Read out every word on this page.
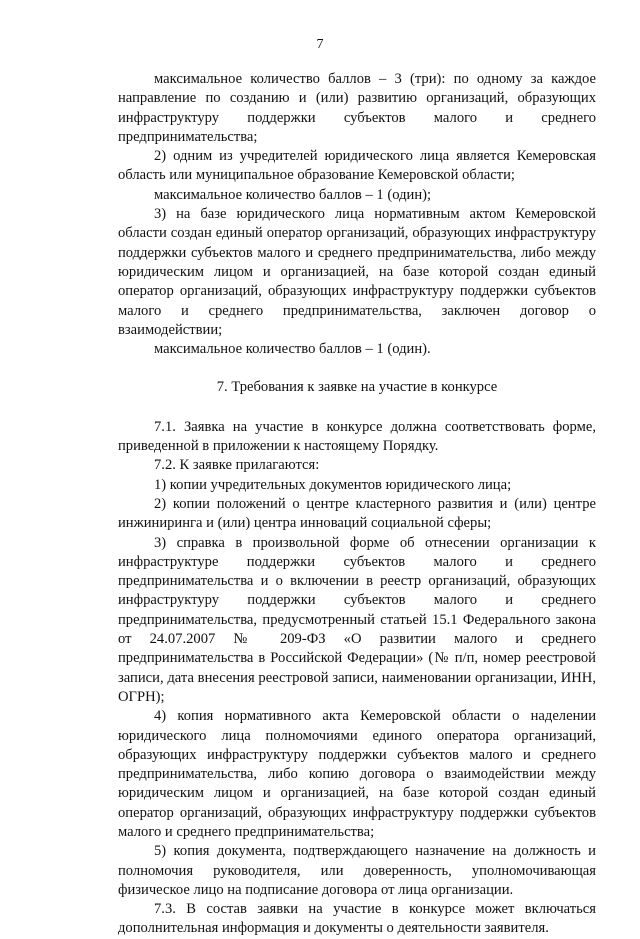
7

максимальное количество баллов – 3 (три): по одному за каждое направление по созданию и (или) развитию организаций, образующих инфраструктуру поддержки субъектов малого и среднего предпринимательства;

2) одним из учредителей юридического лица является Кемеровская область или муниципальное образование Кемеровской области;

максимальное количество баллов – 1 (один);

3) на базе юридического лица нормативным актом Кемеровской области создан единый оператор организаций, образующих инфраструктуру поддержки субъектов малого и среднего предпринимательства, либо между юридическим лицом и организацией, на базе которой создан единый оператор организаций, образующих инфраструктуру поддержки субъектов малого и среднего предпринимательства, заключен договор о взаимодействии;

максимальное количество баллов – 1 (один).

7. Требования к заявке на участие в конкурсе

7.1. Заявка на участие в конкурсе должна соответствовать форме, приведенной в приложении к настоящему Порядку.

7.2. К заявке прилагаются:

1) копии учредительных документов юридического лица;

2) копии положений о центре кластерного развития и (или) центре инжиниринга и (или) центра инноваций социальной сферы;

3) справка в произвольной форме об отнесении организации к инфраструктуре поддержки субъектов малого и среднего предпринимательства и о включении в реестр организаций, образующих инфраструктуру поддержки субъектов малого и среднего предпринимательства, предусмотренный статьей 15.1 Федерального закона от 24.07.2007 № 209-ФЗ «О развитии малого и среднего предпринимательства в Российской Федерации» (№ п/п, номер реестровой записи, дата внесения реестровой записи, наименовании организации, ИНН, ОГРН);

4) копия нормативного акта Кемеровской области о наделении юридического лица полномочиями единого оператора организаций, образующих инфраструктуру поддержки субъектов малого и среднего предпринимательства, либо копию договора о взаимодействии между юридическим лицом и организацией, на базе которой создан единый оператор организаций, образующих инфраструктуру поддержки субъектов малого и среднего предпринимательства;

5) копия документа, подтверждающего назначение на должность и полномочия руководителя, или доверенность, уполномочивающая физическое лицо на подписание договора от лица организации.

7.3. В состав заявки на участие в конкурсе может включаться дополнительная информация и документы о деятельности заявителя.
